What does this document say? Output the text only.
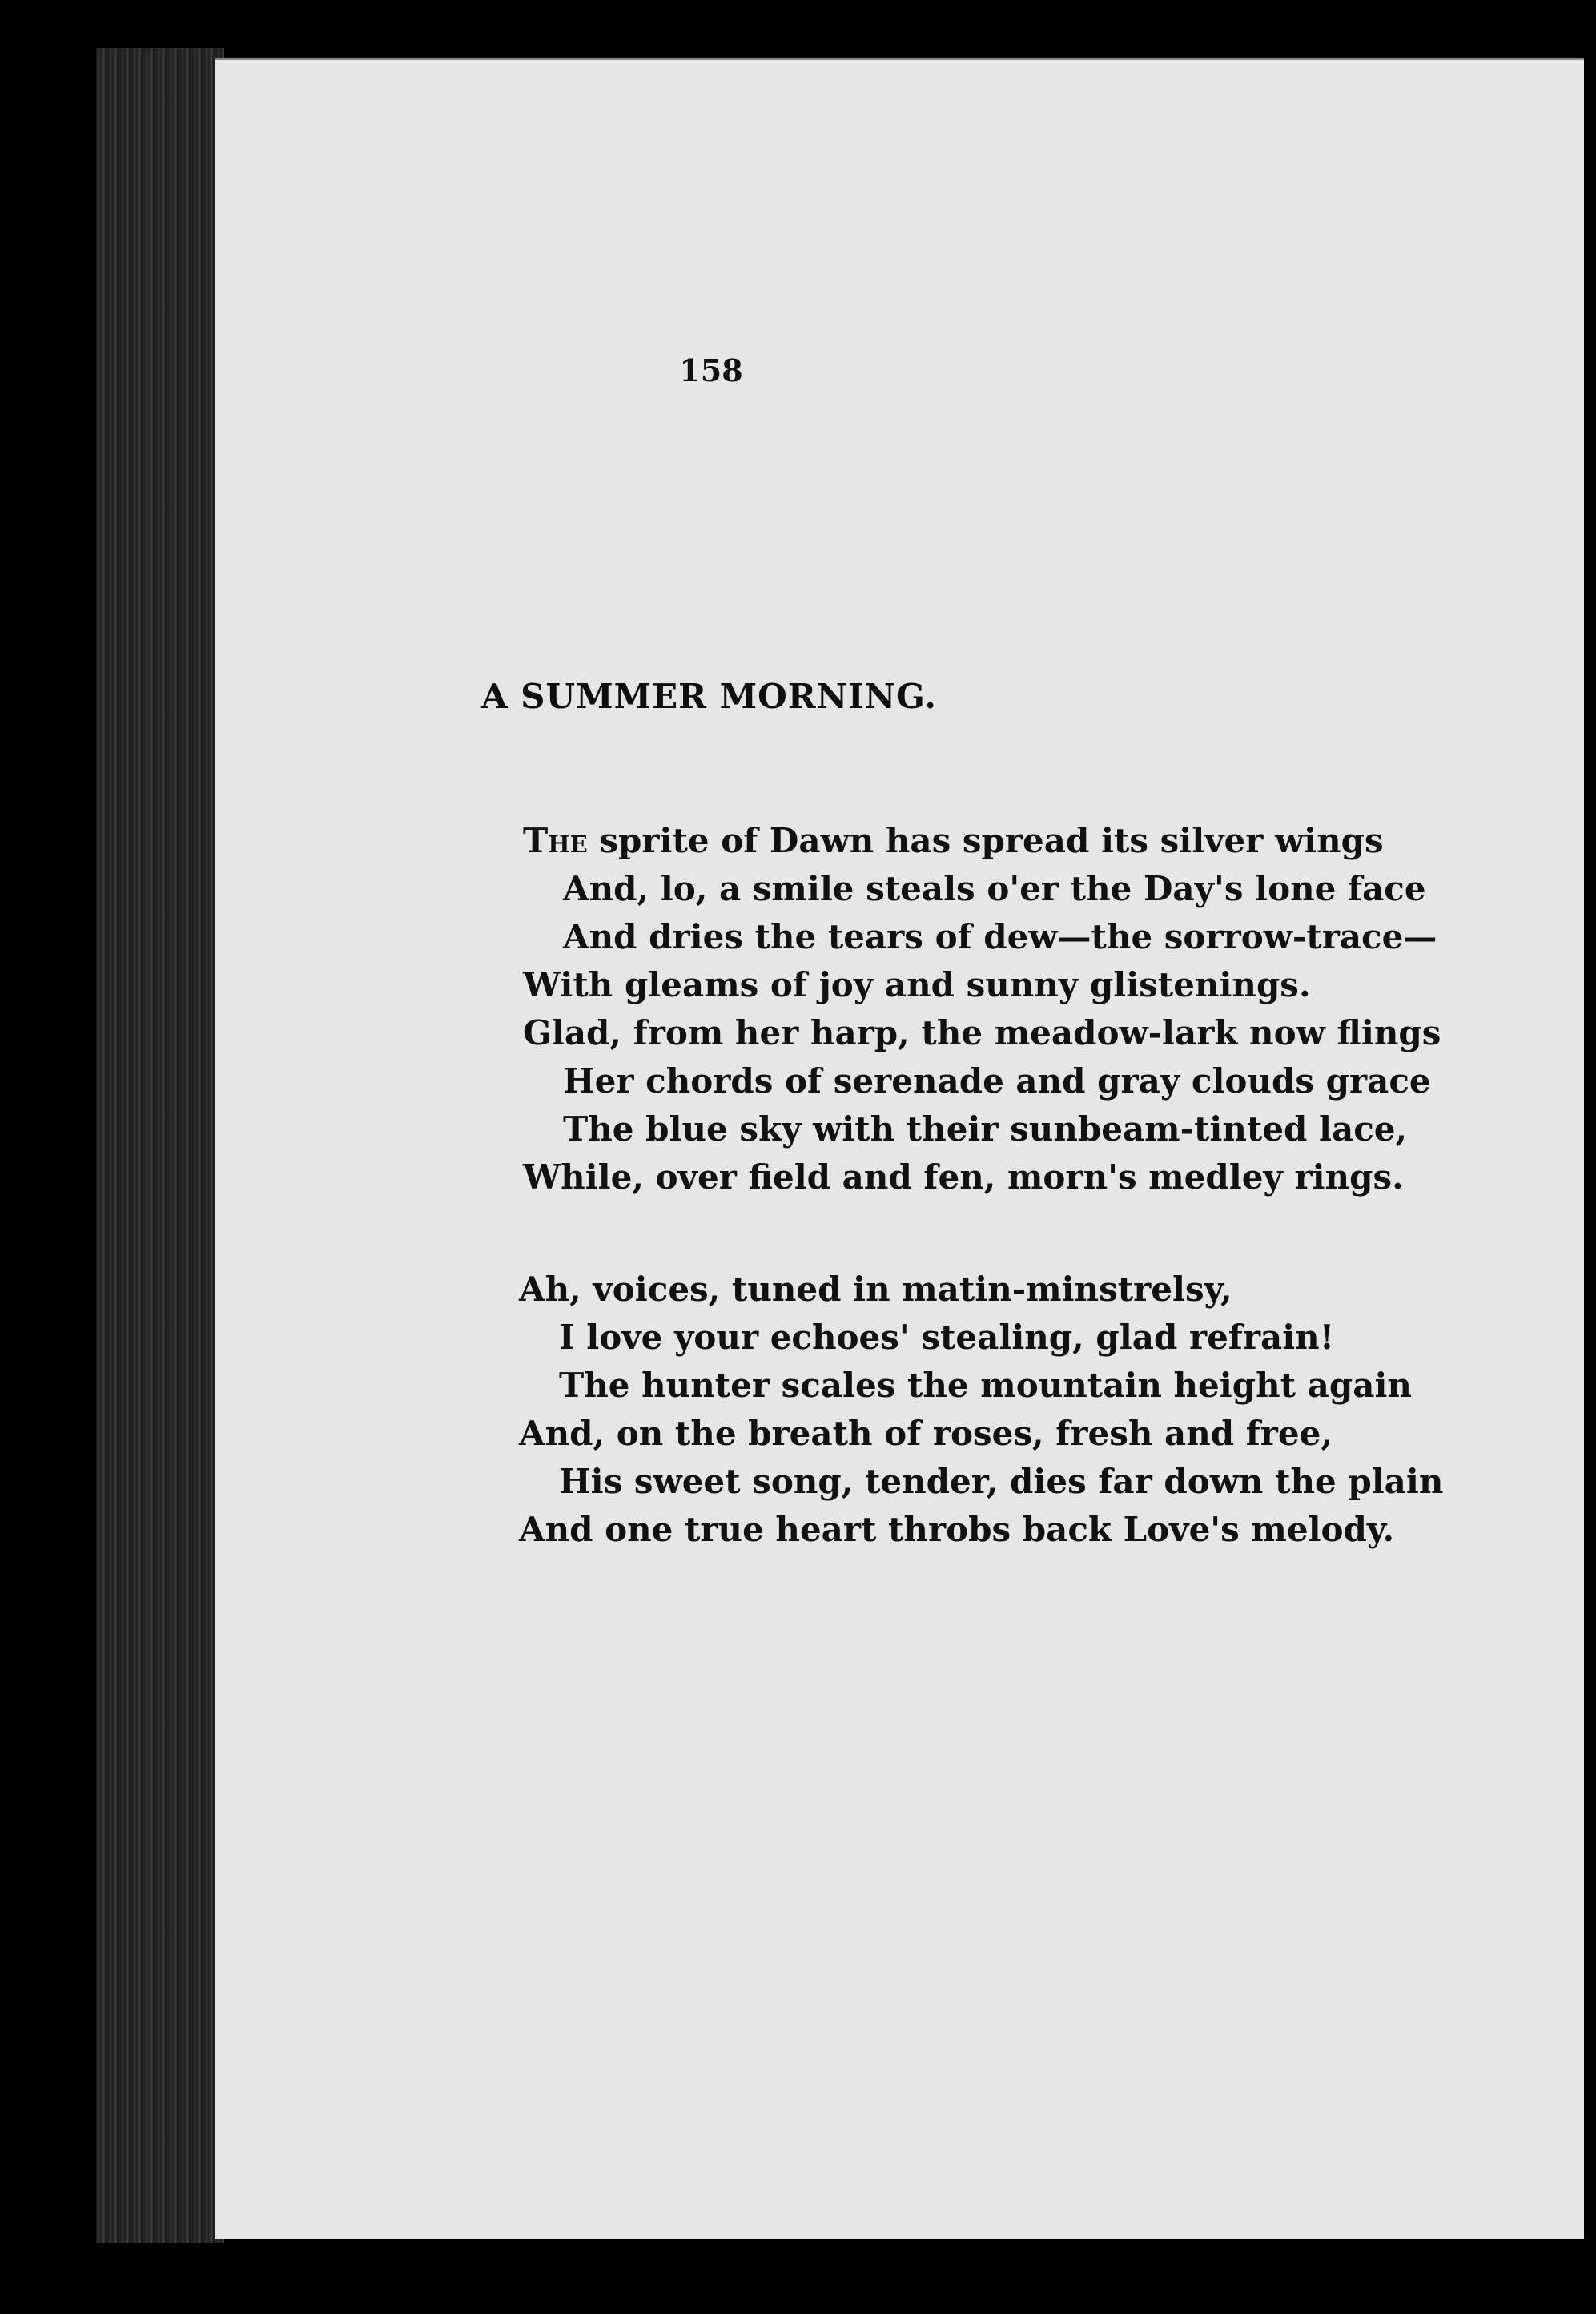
158
A SUMMER MORNING.
The sprite of Dawn has spread its silver wings
And, lo, a smile steals o'er the Day's lone face
And dries the tears of dew—the sorrow-trace—
With gleams of joy and sunny glistenings.
Glad, from her harp, the meadow-lark now flings
Her chords of serenade and gray clouds grace
The blue sky with their sunbeam-tinted lace,
While, over field and fen, morn's medley rings.
Ah, voices, tuned in matin-minstrelsy,
I love your echoes' stealing, glad refrain!
The hunter scales the mountain height again
And, on the breath of roses, fresh and free,
His sweet song, tender, dies far down the plain
And one true heart throbs back Love's melody.
